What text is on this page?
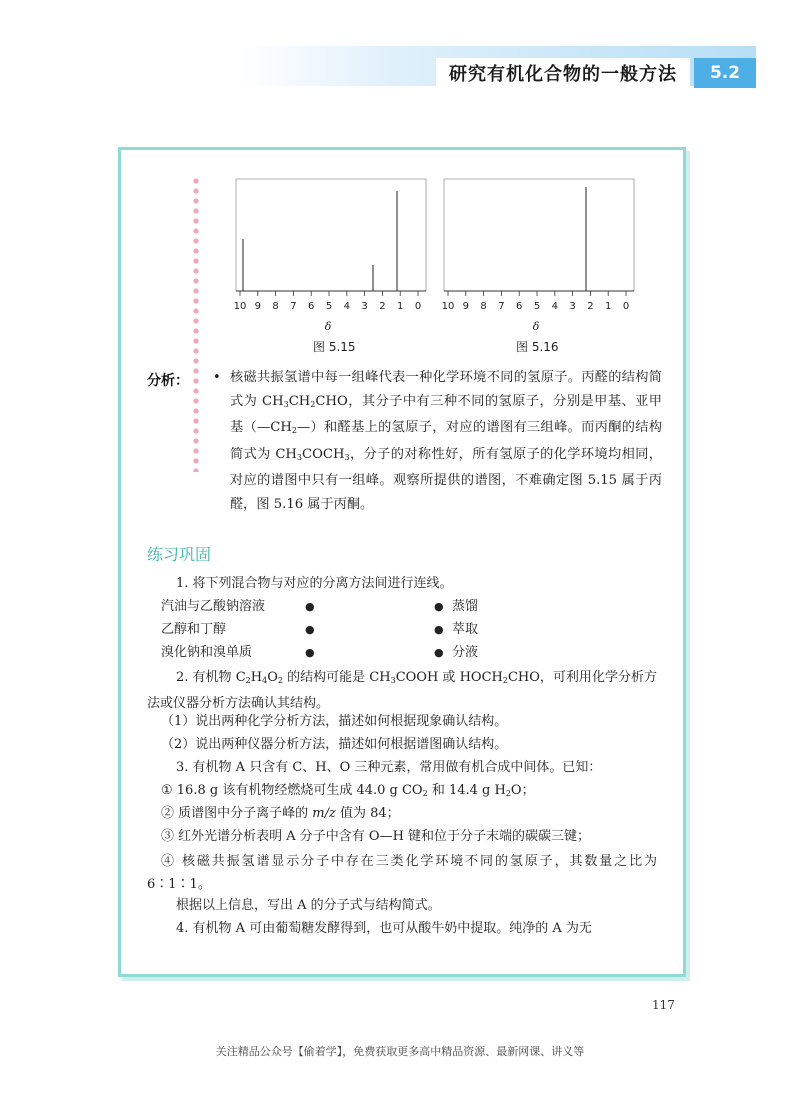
研究有机化合物的一般方法 5.2
10 9 8 7 6 5 4 3 2 1 0
δ
图 5.15
10 9 8 7 6 5 4 3 2 1 0
δ
图 5.16
分析： • 核磁共振氢谱中每一组峰代表一种化学环境不同的氢原子。丙醛的结构简式为 $CH_3CH_2CHO$，其分子中有三种不同的氢原子，分别是甲基、亚甲基$(—CH_2—)$和醛基上的氢原子，对应的谱图有三组峰。而丙酮的结构简式为 $CH_3COCH_3$，分子的对称性好，所有氢原子的化学环境均相同，对应的谱图中只有一组峰。观察所提供的谱图，不难确定图 5.15 属于丙醛，图 5.16 属于丙酮。
练习巩固
1. 将下列混合物与对应的分离方法间进行连线。
汽油与乙酸钠溶液	●	● 蒸馏
乙醇和丁醇	●	● 萃取
溴化钠和溴单质	●	● 分液
2. 有机物 $C_2H_4O_2$ 的结构可能是 $CH_3COOH$ 或 $HOCH_2CHO$，可利用化学分析方法或仪器分析方法确认其结构。
（1）说出两种化学分析方法，描述如何根据现象确认结构。
（2）说出两种仪器分析方法，描述如何根据谱图确认结构。
3. 有机物 A 只含有 C、H、O 三种元素，常用做有机合成中间体。已知：
① 16.8 g 该有机物经燃烧可生成 44.0 g $CO_2$ 和 14.4 g $H_2O$；
② 质谱图中分子离子峰的 m/z 值为 84；
③ 红外光谱分析表明 A 分子中含有 O—H 键和位于分子末端的碳碳三键；
④ 核磁共振氢谱显示分子中存在三类化学环境不同的氢原子，其数量之比为 6∶1∶1。
根据以上信息，写出 A 的分子式与结构简式。
4. 有机物 A 可由葡萄糖发酵得到，也可从酸牛奶中提取。纯净的 A 为无
117
关注精品公众号【偷着学】，免费获取更多高中精品资源、最新网课、讲义等
